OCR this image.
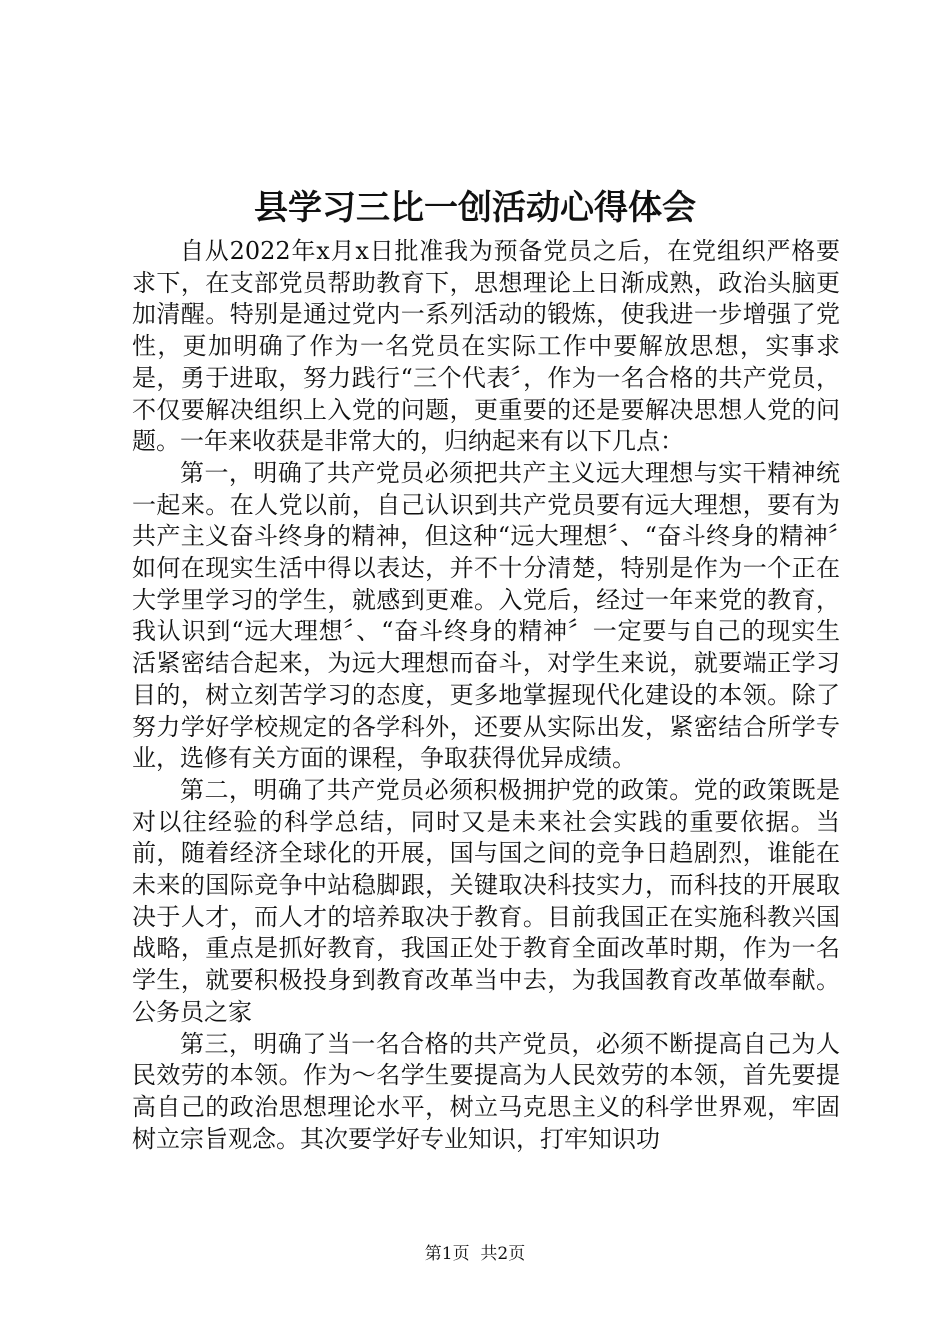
县学习三比一创活动心得体会

自从2022年x月x日批准我为预备党员之后，在党组织严格要求下，在支部党员帮助教育下，思想理论上日渐成熟，政治头脑更加清醒。特别是通过党内一系列活动的锻炼，使我进一步增强了党性，更加明确了作为一名党员在实际工作中要解放思想，实事求是，勇于进取，努力践行“三个代表〞，作为一名合格的共产党员，不仅要解决组织上入党的问题，更重要的还是要解决思想人党的问题。一年来收获是非常大的，归纳起来有以下几点：

第一，明确了共产党员必须把共产主义远大理想与实干精神统一起来。在人党以前，自己认识到共产党员要有远大理想，要有为共产主义奋斗终身的精神，但这种“远大理想〞、“奋斗终身的精神〞如何在现实生活中得以表达，并不十分清楚，特别是作为一个正在大学里学习的学生，就感到更难。入党后，经过一年来党的教育，我认识到“远大理想〞、“奋斗终身的精神〞一定要与自己的现实生活紧密结合起来，为远大理想而奋斗，对学生来说，就要端正学习目的，树立刻苦学习的态度，更多地掌握现代化建设的本领。除了努力学好学校规定的各学科外，还要从实际出发，紧密结合所学专业，选修有关方面的课程，争取获得优异成绩。

第二，明确了共产党员必须积极拥护党的政策。党的政策既是对以往经验的科学总结，同时又是未来社会实践的重要依据。当前，随着经济全球化的开展，国与国之间的竞争日趋剧烈，谁能在未来的国际竞争中站稳脚跟，关键取决科技实力，而科技的开展取决于人才，而人才的培养取决于教育。目前我国正在实施科教兴国战略，重点是抓好教育，我国正处于教育全面改革时期，作为一名学生，就要积极投身到教育改革当中去，为我国教育改革做奉献。公务员之家

第三，明确了当一名合格的共产党员，必须不断提高自己为人民效劳的本领。作为～名学生要提高为人民效劳的本领，首先要提高自己的政治思想理论水平，树立马克思主义的科学世界观，牢固树立宗旨观念。其次要学好专业知识，打牢知识功

第1页 共2页
